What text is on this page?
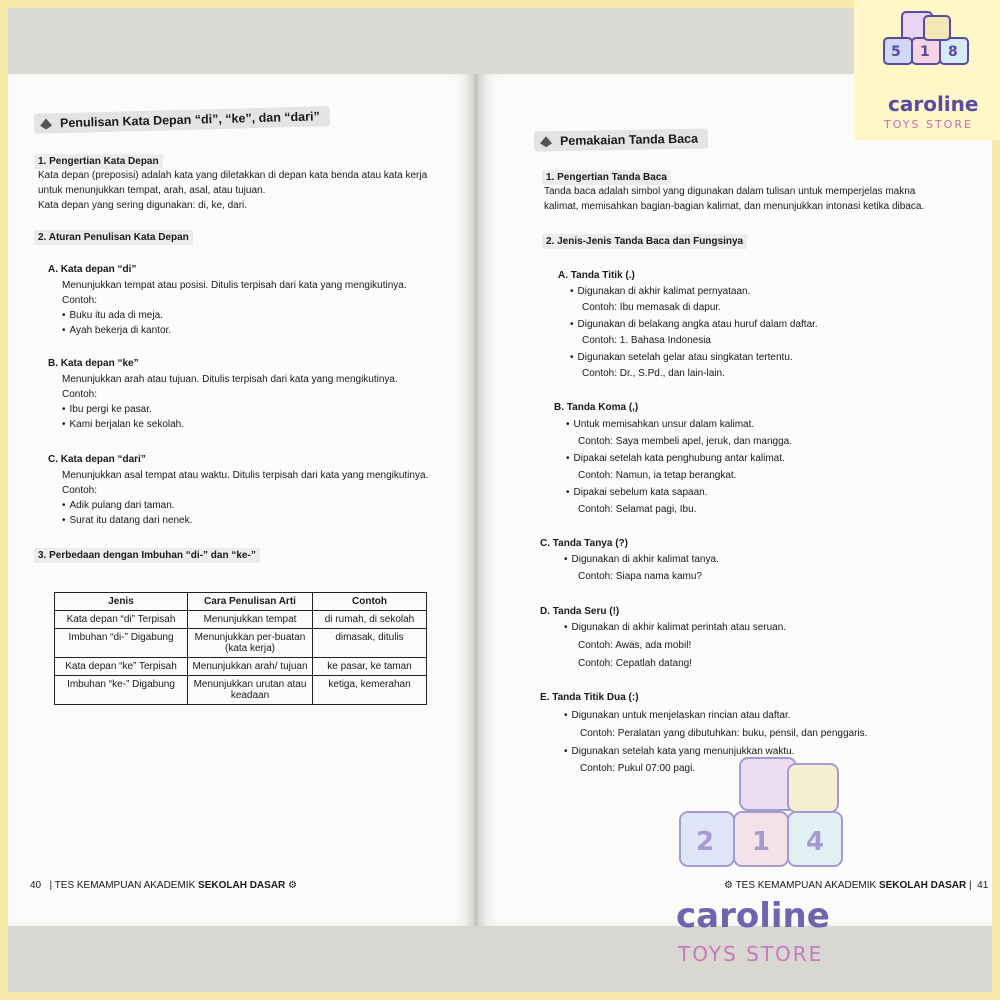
Penulisan Kata Depan “di”, “ke”, dan “dari”
1. Pengertian Kata Depan
Kata depan (preposisi) adalah kata yang diletakkan di depan kata benda atau kata kerja
untuk menunjukkan tempat, arah, asal, atau tujuan.
Kata depan yang sering digunakan: di, ke, dari.
2. Aturan Penulisan Kata Depan
A. Kata depan “di”
Menunjukkan tempat atau posisi. Ditulis terpisah dari kata yang mengikutinya.
Contoh:
• Buku itu ada di meja.
• Ayah bekerja di kantor.
B. Kata depan “ke”
Menunjukkan arah atau tujuan. Ditulis terpisah dari kata yang mengikutinya.
Contoh:
• Ibu pergi ke pasar.
• Kami berjalan ke sekolah.
C. Kata depan “dari”
Menunjukkan asal tempat atau waktu. Ditulis terpisah dari kata yang mengikutinya.
Contoh:
• Adik pulang dari taman.
• Surat itu datang dari nenek.
3. Perbedaan dengan Imbuhan “di-” dan “ke-”
Jenis	Cara Penulisan Arti	Contoh
Kata depan “di” Terpisah	Menunjukkan tempat	di rumah, di sekolah
Imbuhan “di-” Digabung	Menunjukkan per-buatan (kata kerja)	dimasak, ditulis
Kata depan “ke” Terpisah	Menunjukkan arah/ tujuan	ke pasar, ke taman
Imbuhan “ke-” Digabung	Menunjukkan urutan atau keadaan	ketiga, kemerahan
40 | TES KEMAMPUAN AKADEMIK SEKOLAH DASAR ⚙
Pemakaian Tanda Baca
1. Pengertian Tanda Baca
Tanda baca adalah simbol yang digunakan dalam tulisan untuk memperjelas makna
kalimat, memisahkan bagian-bagian kalimat, dan menunjukkan intonasi ketika dibaca.
2. Jenis-Jenis Tanda Baca dan Fungsinya
A. Tanda Titik (.)
• Digunakan di akhir kalimat pernyataan.
Contoh: Ibu memasak di dapur.
• Digunakan di belakang angka atau huruf dalam daftar.
Contoh: 1. Bahasa Indonesia
• Digunakan setelah gelar atau singkatan tertentu.
Contoh: Dr., S.Pd., dan lain-lain.
B. Tanda Koma (,)
• Untuk memisahkan unsur dalam kalimat.
Contoh: Saya membeli apel, jeruk, dan mangga.
• Dipakai setelah kata penghubung antar kalimat.
Contoh: Namun, ia tetap berangkat.
• Dipakai sebelum kata sapaan.
Contoh: Selamat pagi, Ibu.
C. Tanda Tanya (?)
• Digunakan di akhir kalimat tanya.
Contoh: Siapa nama kamu?
D. Tanda Seru (!)
• Digunakan di akhir kalimat perintah atau seruan.
Contoh: Awas, ada mobil!
Contoh: Cepatlah datang!
E. Tanda Titik Dua (:)
• Digunakan untuk menjelaskan rincian atau daftar.
Contoh: Peralatan yang dibutuhkan: buku, pensil, dan penggaris.
• Digunakan setelah kata yang menunjukkan waktu.
Contoh: Pukul 07:00 pagi.
⚙ TES KEMAMPUAN AKADEMIK SEKOLAH DASAR | 41
5 1 8
caroline
TOYS STORE
2 1 4
caroline
TOYS STORE
